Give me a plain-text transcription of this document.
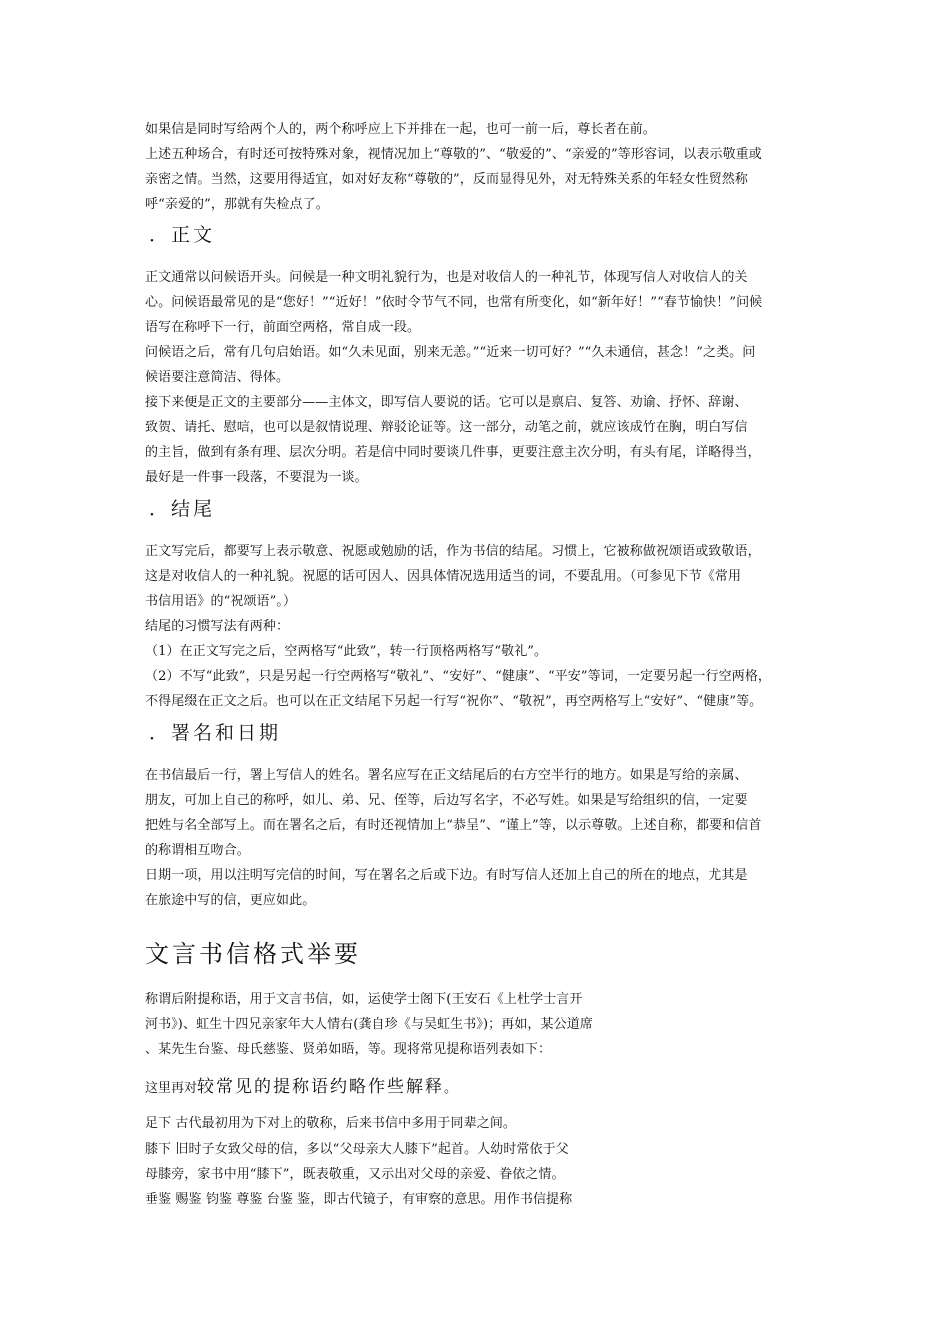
如果信是同时写给两个人的，两个称呼应上下并排在一起，也可一前一后，尊长者在前。
上述五种场合，有时还可按特殊对象，视情况加上“尊敬的”、“敬爱的”、“亲爱的”等形容词，以表示敬重或
亲密之情。当然，这要用得适宜，如对好友称“尊敬的”，反而显得见外，对无特殊关系的年轻女性贸然称
呼“亲爱的”，那就有失检点了。
．正文
正文通常以问候语开头。问候是一种文明礼貌行为，也是对收信人的一种礼节，体现写信人对收信人的关
心。问候语最常见的是“您好！”“近好！”依时令节气不同，也常有所变化，如“新年好！”“春节愉快！”问候
语写在称呼下一行，前面空两格，常自成一段。
问候语之后，常有几句启始语。如“久未见面，别来无恙。”“近来一切可好？”“久未通信，甚念！”之类。问
候语要注意简洁、得体。
接下来便是正文的主要部分——主体文，即写信人要说的话。它可以是禀启、复答、劝谕、抒怀、辞谢、
致贺、请托、慰唁，也可以是叙情说理、辩驳论证等。这一部分，动笔之前，就应该成竹在胸，明白写信
的主旨，做到有条有理、层次分明。若是信中同时要谈几件事，更要注意主次分明，有头有尾，详略得当，
最好是一件事一段落，不要混为一谈。
．结尾
正文写完后，都要写上表示敬意、祝愿或勉励的话，作为书信的结尾。习惯上，它被称做祝颂语或致敬语，
这是对收信人的一种礼貌。祝愿的话可因人、因具体情况选用适当的词，不要乱用。（可参见下节《常用
书信用语》的“祝颂语”。）
结尾的习惯写法有两种：
（1）在正文写完之后，空两格写“此致”，转一行顶格两格写“敬礼”。
（2）不写“此致”，只是另起一行空两格写“敬礼”、“安好”、“健康”、“平安”等词，一定要另起一行空两格，
不得尾缀在正文之后。也可以在正文结尾下另起一行写“祝你”、“敬祝”，再空两格写上“安好”、“健康”等。
．署名和日期
在书信最后一行，署上写信人的姓名。署名应写在正文结尾后的右方空半行的地方。如果是写给的亲属、
朋友，可加上自己的称呼，如儿、弟、兄、侄等，后边写名字，不必写姓。如果是写给组织的信，一定要
把姓与名全部写上。而在署名之后，有时还视情加上“恭呈”、“谨上”等，以示尊敬。上述自称，都要和信首
的称谓相互吻合。
日期一项，用以注明写完信的时间，写在署名之后或下边。有时写信人还加上自己的所在的地点，尤其是
在旅途中写的信，更应如此。
文言书信格式举要
称谓后附提称语，用于文言书信，如，运使学士阁下(王安石《上杜学士言开
河书》)、虹生十四兄亲家年大人情右(龚自珍《与吴虹生书》)；再如，某公道席
、某先生台鉴、母氏慈鉴、贤弟如晤，等。现将常见提称语列表如下：
这里再对较常见的提称语约略作些解释。
足下 古代最初用为下对上的敬称，后来书信中多用于同辈之间。
膝下 旧时子女致父母的信，多以“父母亲大人膝下”起首。人幼时常依于父
母膝旁，家书中用“膝下”，既表敬重，又示出对父母的亲爱、眷依之情。
垂鉴 赐鉴 钧鉴 尊鉴 台鉴 鉴，即古代镜子，有审察的意思。用作书信提称
